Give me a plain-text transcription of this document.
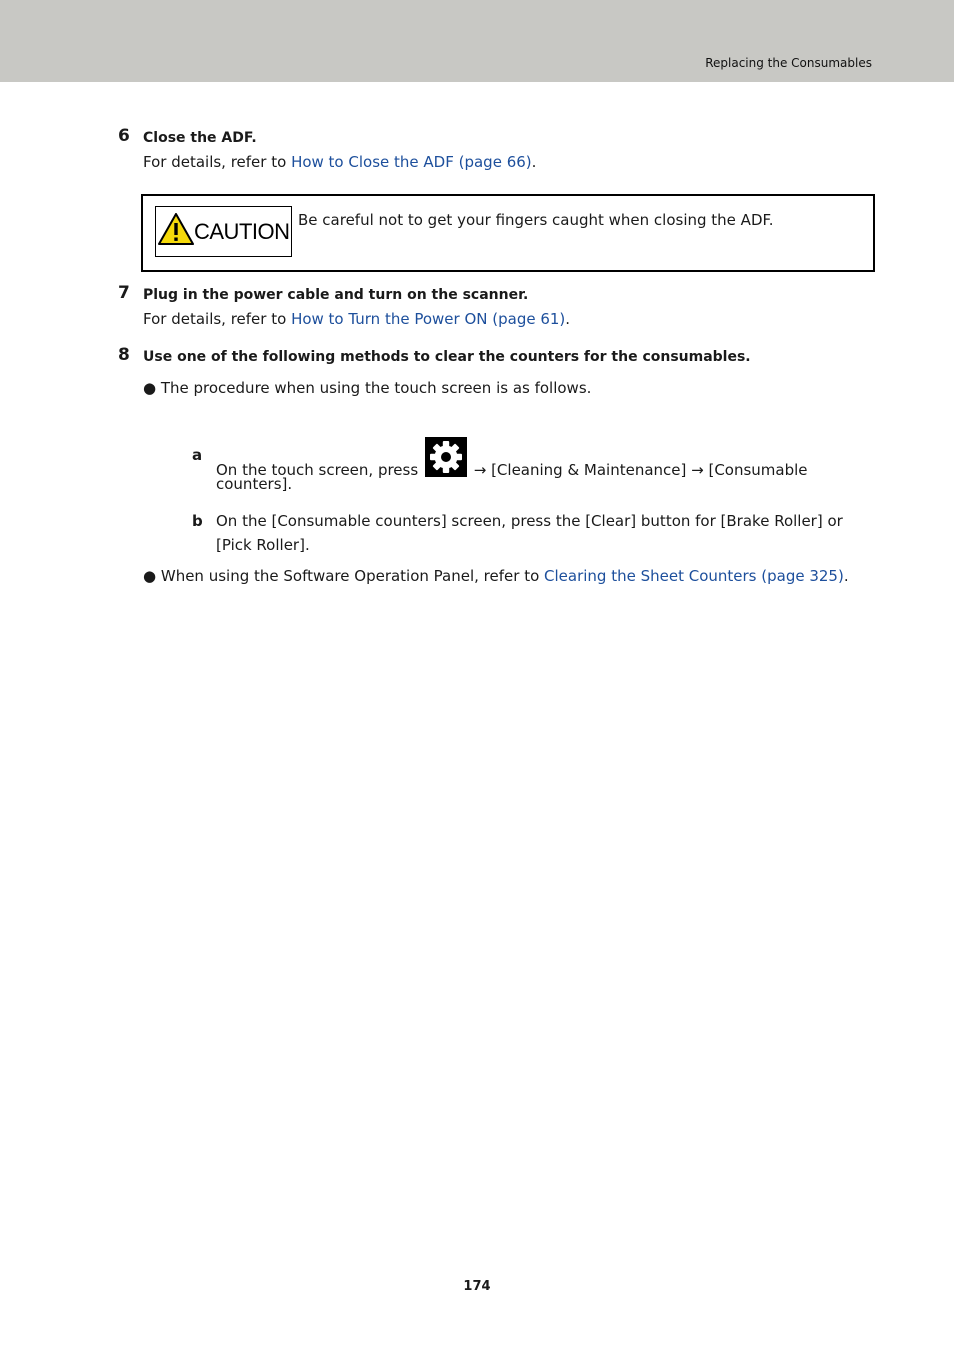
Replacing the Consumables
6 Close the ADF.
For details, refer to How to Close the ADF (page 66).
CAUTION Be careful not to get your fingers caught when closing the ADF.
7 Plug in the power cable and turn on the scanner.
For details, refer to How to Turn the Power ON (page 61).
8 Use one of the following methods to clear the counters for the consumables.
● The procedure when using the touch screen is as follows.
a
On the touch screen, press	→ [Cleaning & Maintenance] → [Consumable
counters].
b On the [Consumable counters] screen, press the [Clear] button for [Brake Roller] or [Pick Roller].
● When using the Software Operation Panel, refer to Clearing the Sheet Counters (page 325).
174
